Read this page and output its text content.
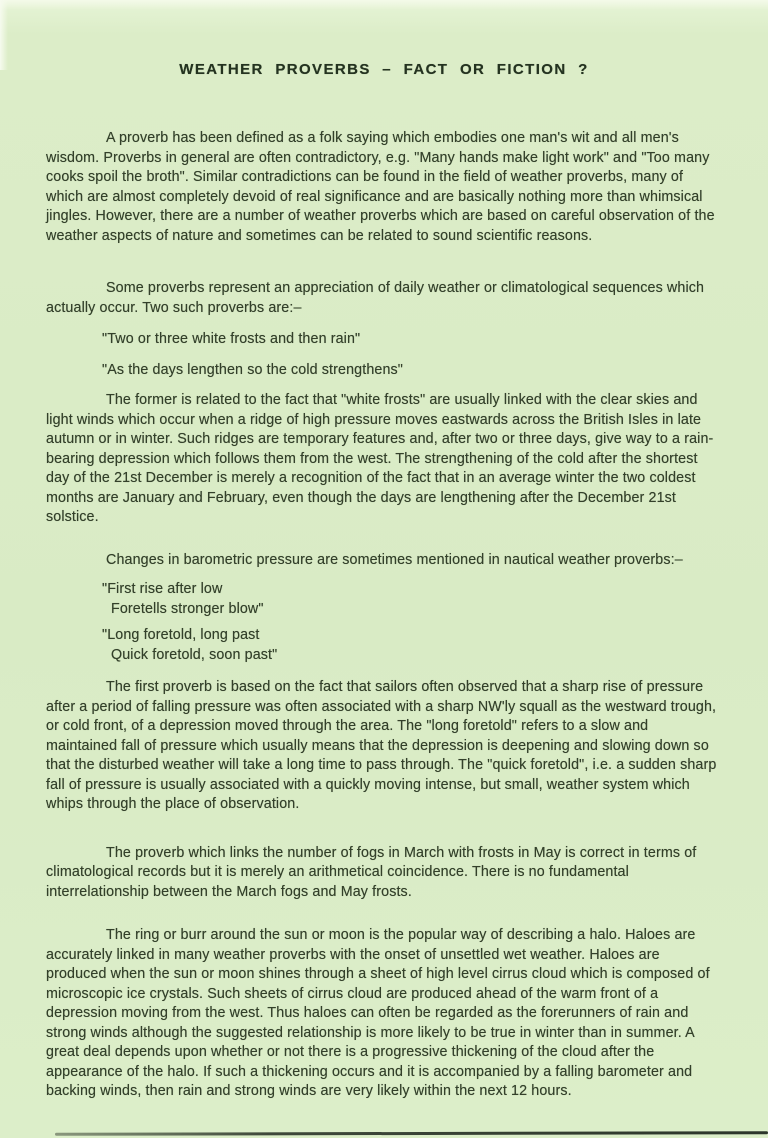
WEATHER PROVERBS – FACT OR FICTION ?

A proverb has been defined as a folk saying which embodies one man's wit and all men's wisdom. Proverbs in general are often contradictory, e.g. "Many hands make light work" and "Too many cooks spoil the broth". Similar contradictions can be found in the field of weather proverbs, many of which are almost completely devoid of real significance and are basically nothing more than whimsical jingles. However, there are a number of weather proverbs which are based on careful observation of the weather aspects of nature and sometimes can be related to sound scientific reasons.

Some proverbs represent an appreciation of daily weather or climatological sequences which actually occur. Two such proverbs are:–

"Two or three white frosts and then rain"

"As the days lengthen so the cold strengthens"

The former is related to the fact that "white frosts" are usually linked with the clear skies and light winds which occur when a ridge of high pressure moves eastwards across the British Isles in late autumn or in winter. Such ridges are temporary features and, after two or three days, give way to a rain-bearing depression which follows them from the west. The strengthening of the cold after the shortest day of the 21st December is merely a recognition of the fact that in an average winter the two coldest months are January and February, even though the days are lengthening after the December 21st solstice.

Changes in barometric pressure are sometimes mentioned in nautical weather proverbs:–

"First rise after low
Foretells stronger blow"

"Long foretold, long past
Quick foretold, soon past"

The first proverb is based on the fact that sailors often observed that a sharp rise of pressure after a period of falling pressure was often associated with a sharp NW'ly squall as the westward trough, or cold front, of a depression moved through the area. The "long foretold" refers to a slow and maintained fall of pressure which usually means that the depression is deepening and slowing down so that the disturbed weather will take a long time to pass through. The "quick foretold", i.e. a sudden sharp fall of pressure is usually associated with a quickly moving intense, but small, weather system which whips through the place of observation.

The proverb which links the number of fogs in March with frosts in May is correct in terms of climatological records but it is merely an arithmetical coincidence. There is no fundamental interrelationship between the March fogs and May frosts.

The ring or burr around the sun or moon is the popular way of describing a halo. Haloes are accurately linked in many weather proverbs with the onset of unsettled wet weather. Haloes are produced when the sun or moon shines through a sheet of high level cirrus cloud which is composed of microscopic ice crystals. Such sheets of cirrus cloud are produced ahead of the warm front of a depression moving from the west. Thus haloes can often be regarded as the forerunners of rain and strong winds although the suggested relationship is more likely to be true in winter than in summer. A great deal depends upon whether or not there is a progressive thickening of the cloud after the appearance of the halo. If such a thickening occurs and it is accompanied by a falling barometer and backing winds, then rain and strong winds are very likely within the next 12 hours.
